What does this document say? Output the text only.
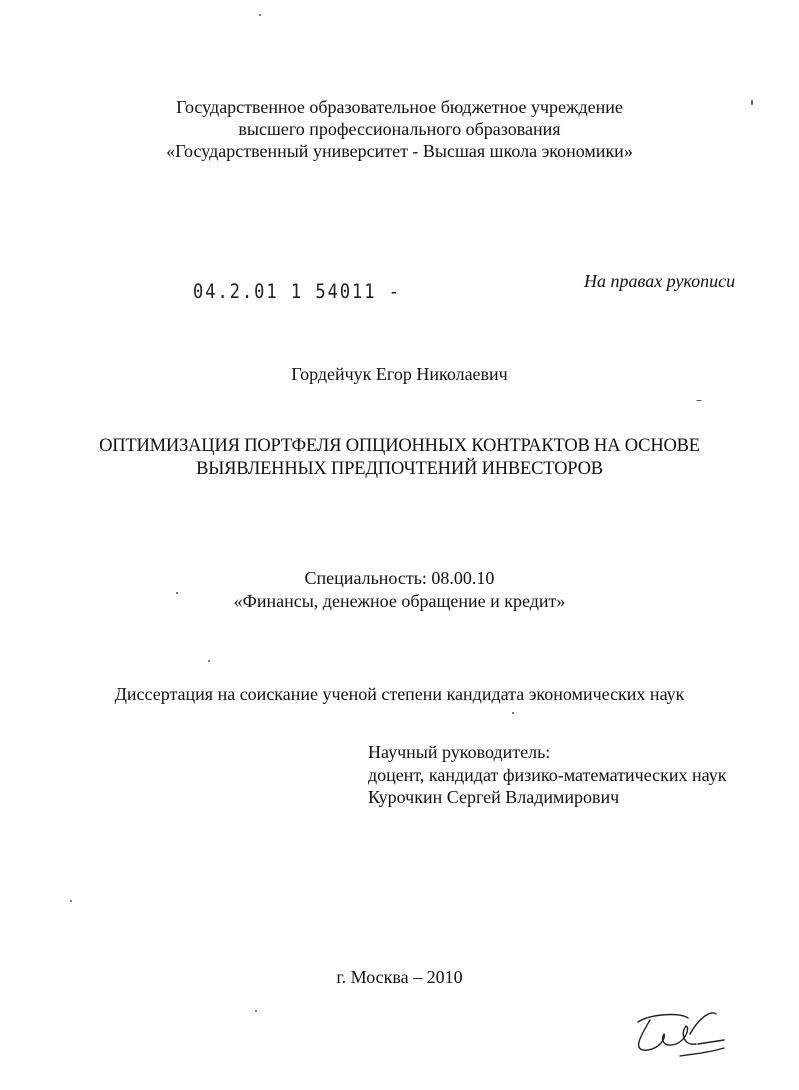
Государственное образовательное бюджетное учреждение
высшего профессионального образования
«Государственный университет - Высшая школа экономики»
04.2.01 1 54011 -	На правах рукописи
Гордейчук Егор Николаевич
ОПТИМИЗАЦИЯ ПОРТФЕЛЯ ОПЦИОННЫХ КОНТРАКТОВ НА ОСНОВЕ
ВЫЯВЛЕННЫХ ПРЕДПОЧТЕНИЙ ИНВЕСТОРОВ
Специальность: 08.00.10
«Финансы, денежное обращение и кредит»
Диссертация на соискание ученой степени кандидата экономических наук
Научный руководитель:
доцент, кандидат физико-математических наук
Курочкин Сергей Владимирович
г. Москва – 2010
